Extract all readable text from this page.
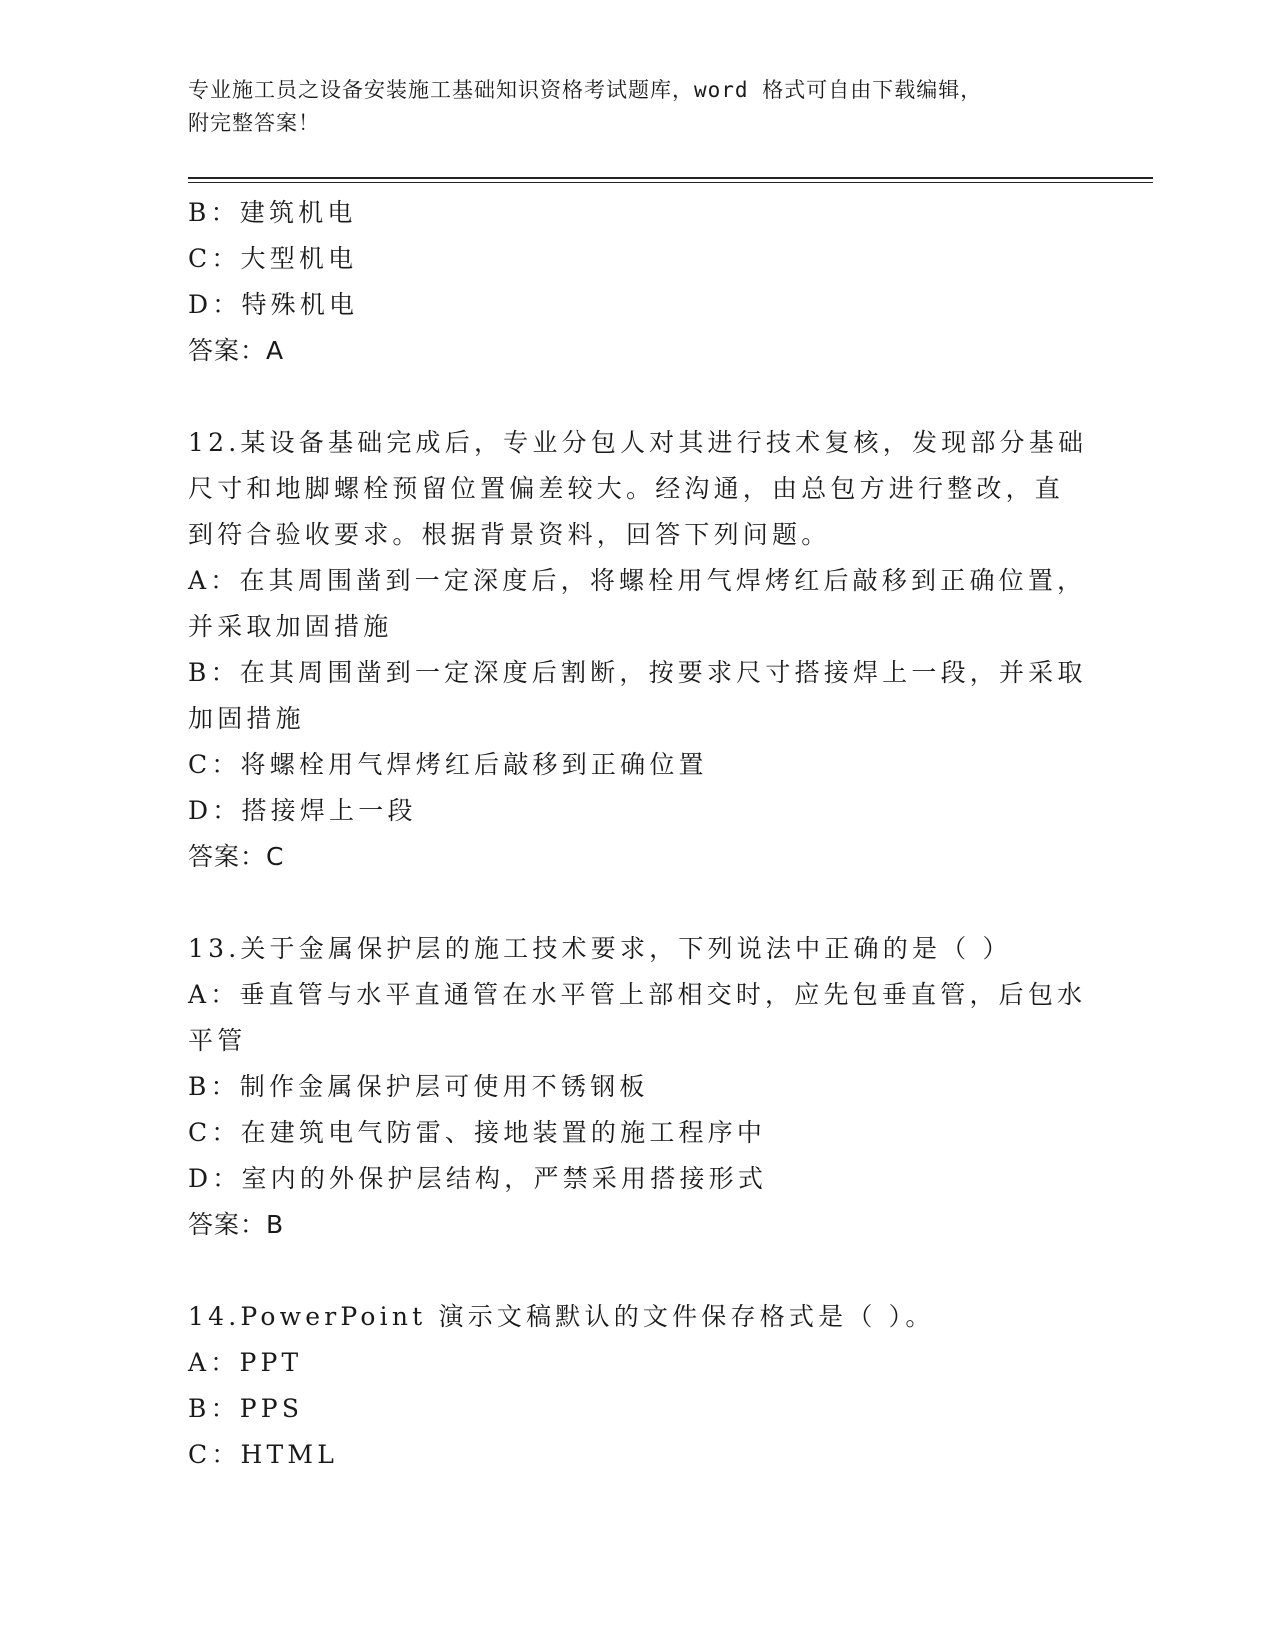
专业施工员之设备安装施工基础知识资格考试题库，word 格式可自由下载编辑，
附完整答案！
B：建筑机电
C：大型机电
D：特殊机电
答案：A
12.某设备基础完成后，专业分包人对其进行技术复核，发现部分基础
尺寸和地脚螺栓预留位置偏差较大。经沟通，由总包方进行整改，直
到符合验收要求。根据背景资料，回答下列问题。
A：在其周围凿到一定深度后，将螺栓用气焊烤红后敲移到正确位置，
并采取加固措施
B：在其周围凿到一定深度后割断，按要求尺寸搭接焊上一段，并采取
加固措施
C：将螺栓用气焊烤红后敲移到正确位置
D：搭接焊上一段
答案：C
13.关于金属保护层的施工技术要求，下列说法中正确的是（ ）
A：垂直管与水平直通管在水平管上部相交时，应先包垂直管，后包水
平管
B：制作金属保护层可使用不锈钢板
C：在建筑电气防雷、接地装置的施工程序中
D：室内的外保护层结构，严禁采用搭接形式
答案：B
14.PowerPoint 演示文稿默认的文件保存格式是（ ）。
A：PPT
B：PPS
C：HTML
